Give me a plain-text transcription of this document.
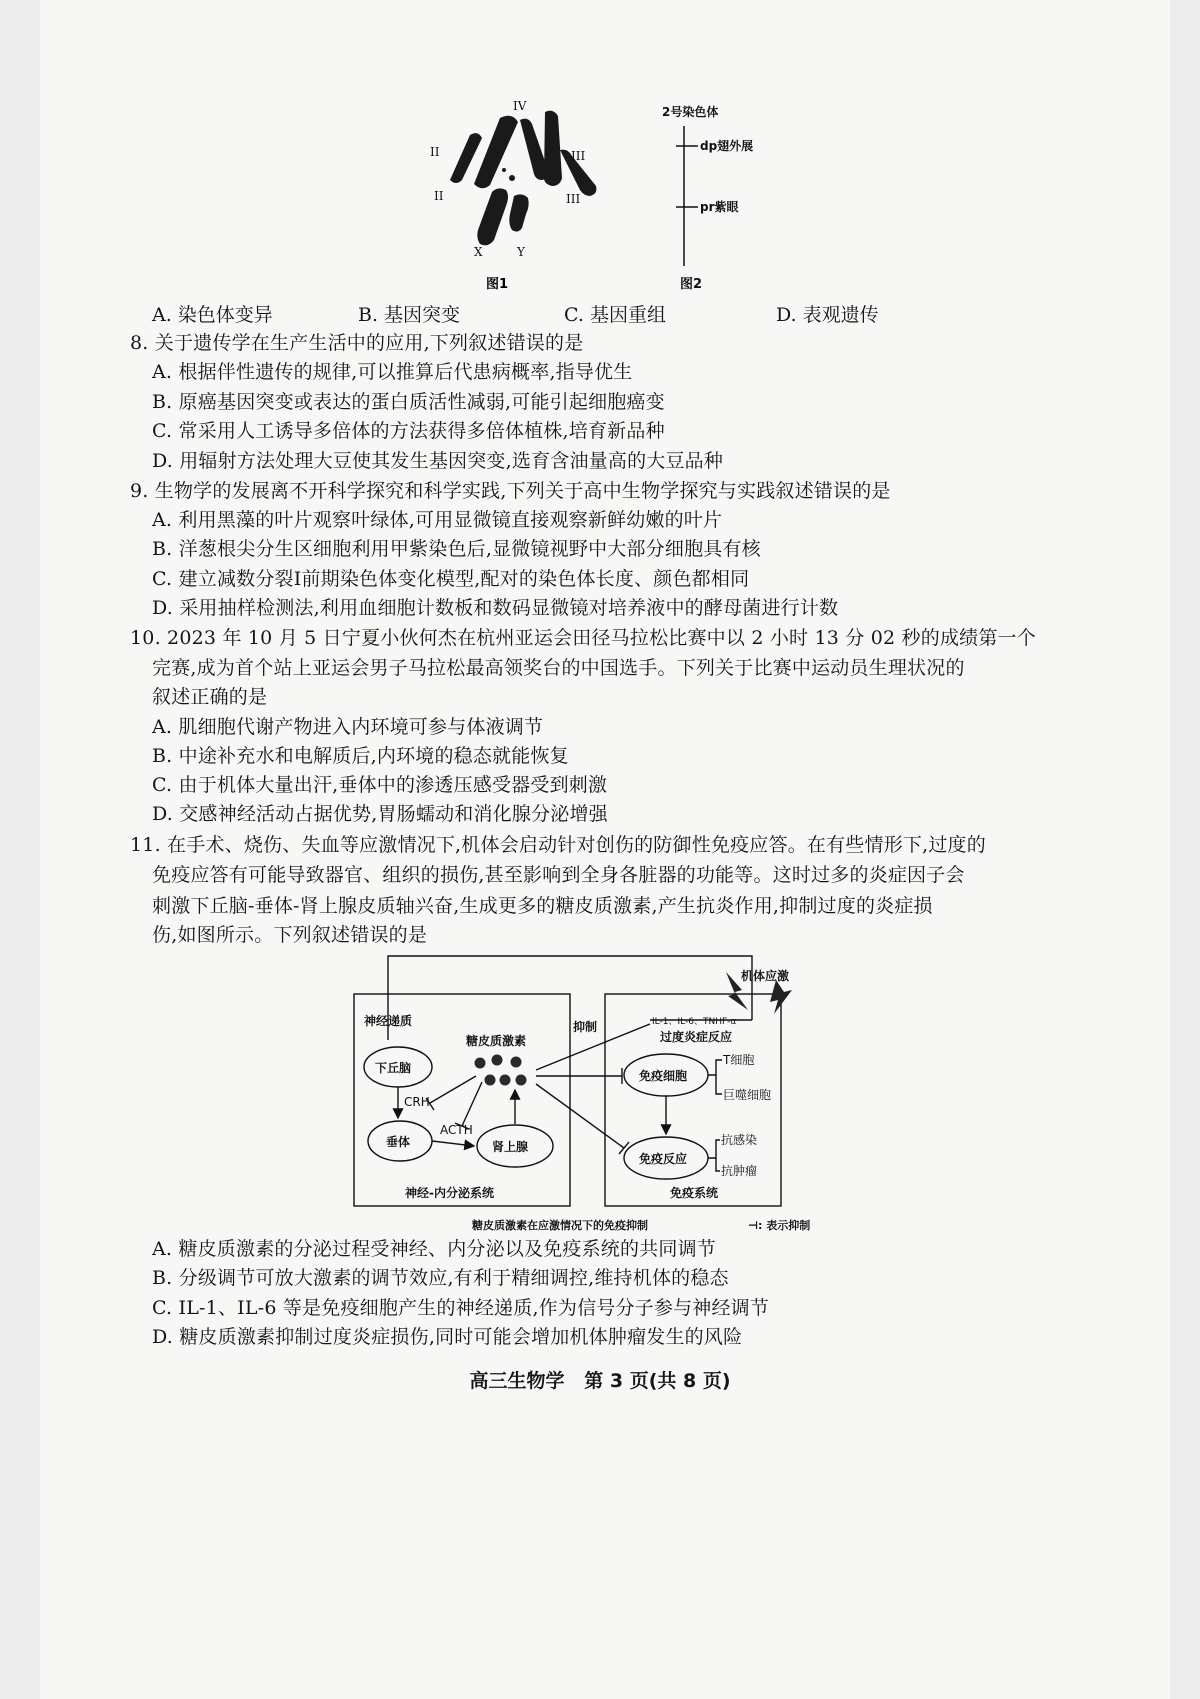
IV
II
II
III
III
X	Y
图1
2号染色体
dp翅外展
pr紫眼
图2
A. 染色体变异	B. 基因突变	C. 基因重组	D. 表观遗传
8. 关于遗传学在生产生活中的应用,下列叙述错误的是
A. 根据伴性遗传的规律,可以推算后代患病概率,指导优生
B. 原癌基因突变或表达的蛋白质活性减弱,可能引起细胞癌变
C. 常采用人工诱导多倍体的方法获得多倍体植株,培育新品种
D. 用辐射方法处理大豆使其发生基因突变,选育含油量高的大豆品种
9. 生物学的发展离不开科学探究和科学实践,下列关于高中生物学探究与实践叙述错误的是
A. 利用黑藻的叶片观察叶绿体,可用显微镜直接观察新鲜幼嫩的叶片
B. 洋葱根尖分生区细胞利用甲紫染色后,显微镜视野中大部分细胞具有核
C. 建立减数分裂Ⅰ前期染色体变化模型,配对的染色体长度、颜色都相同
D. 采用抽样检测法,利用血细胞计数板和数码显微镜对培养液中的酵母菌进行计数
10. 2023 年 10 月 5 日宁夏小伙何杰在杭州亚运会田径马拉松比赛中以 2 小时 13 分 02 秒的成绩第一个
完赛,成为首个站上亚运会男子马拉松最高领奖台的中国选手。下列关于比赛中运动员生理状况的
叙述正确的是
A. 肌细胞代谢产物进入内环境可参与体液调节
B. 中途补充水和电解质后,内环境的稳态就能恢复
C. 由于机体大量出汗,垂体中的渗透压感受器受到刺激
D. 交感神经活动占据优势,胃肠蠕动和消化腺分泌增强
11. 在手术、烧伤、失血等应激情况下,机体会启动针对创伤的防御性免疫应答。在有些情形下,过度的
免疫应答有可能导致器官、组织的损伤,甚至影响到全身各脏器的功能等。这时过多的炎症因子会
刺激下丘脑-垂体-肾上腺皮质轴兴奋,生成更多的糖皮质激素,产生抗炎作用,抑制过度的炎症损
伤,如图所示。下列叙述错误的是
机体应激
神经递质
下丘脑
CRH
垂体
ACTH
肾上腺
糖皮质激素
抑制	IL-1、IL-6、TNHF-α
过度炎症反应
免疫细胞
T细胞
巨噬细胞
免疫反应
抗感染
抗肿瘤
神经-内分泌系统	免疫系统
糖皮质激素在应激情况下的免疫抑制	⊣: 表示抑制
A. 糖皮质激素的分泌过程受神经、内分泌以及免疫系统的共同调节
B. 分级调节可放大激素的调节效应,有利于精细调控,维持机体的稳态
C. IL-1、IL-6 等是免疫细胞产生的神经递质,作为信号分子参与神经调节
D. 糖皮质激素抑制过度炎症损伤,同时可能会增加机体肿瘤发生的风险
高三生物学   第 3 页(共 8 页)
